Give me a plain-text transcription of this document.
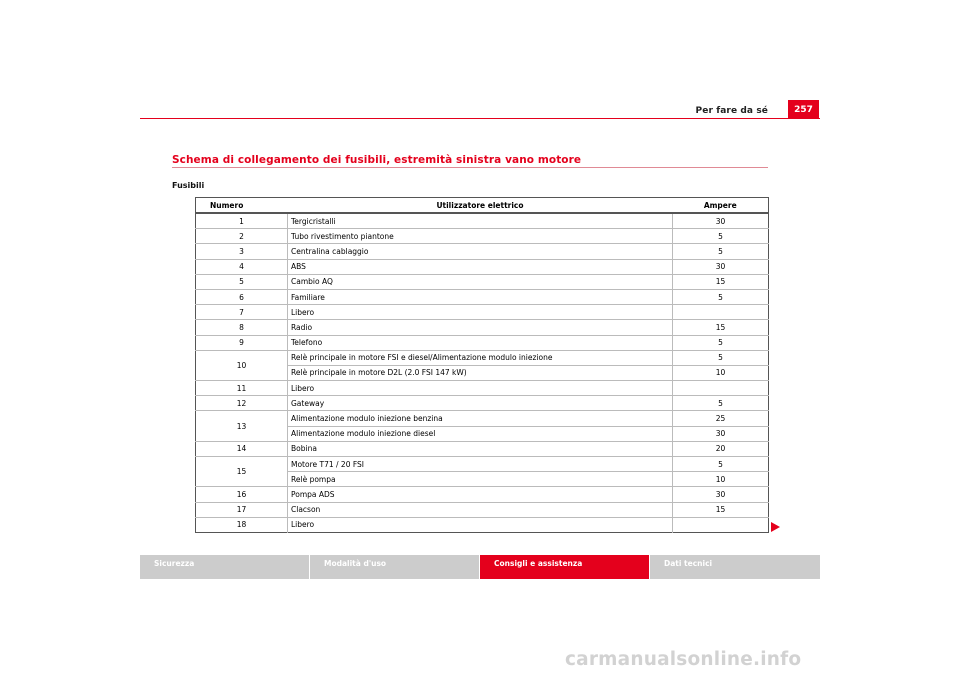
Per fare da sé	257
Schema di collegamento dei fusibili, estremità sinistra vano motore
Fusibili
Numero	Utilizzatore elettrico	Ampere
1	Tergicristalli	30
2	Tubo rivestimento piantone	5
3	Centralina cablaggio	5
4	ABS	30
5	Cambio AQ	15
6	Familiare	5
7	Libero	
8	Radio	15
9	Telefono	5
10	Relè principale in motore FSI e diesel/Alimentazione modulo iniezione	5
	Relè principale in motore D2L (2.0 FSI 147 kW)	10
11	Libero	
12	Gateway	5
13	Alimentazione modulo iniezione benzina	25
	Alimentazione modulo iniezione diesel	30
14	Bobina	20
15	Motore T71 / 20 FSI	5
	Relè pompa	10
16	Pompa ADS	30
17	Clacson	15
18	Libero	
Sicurezza	Modalità d'uso	Consigli e assistenza	Dati tecnici
carmanualsonline.info
